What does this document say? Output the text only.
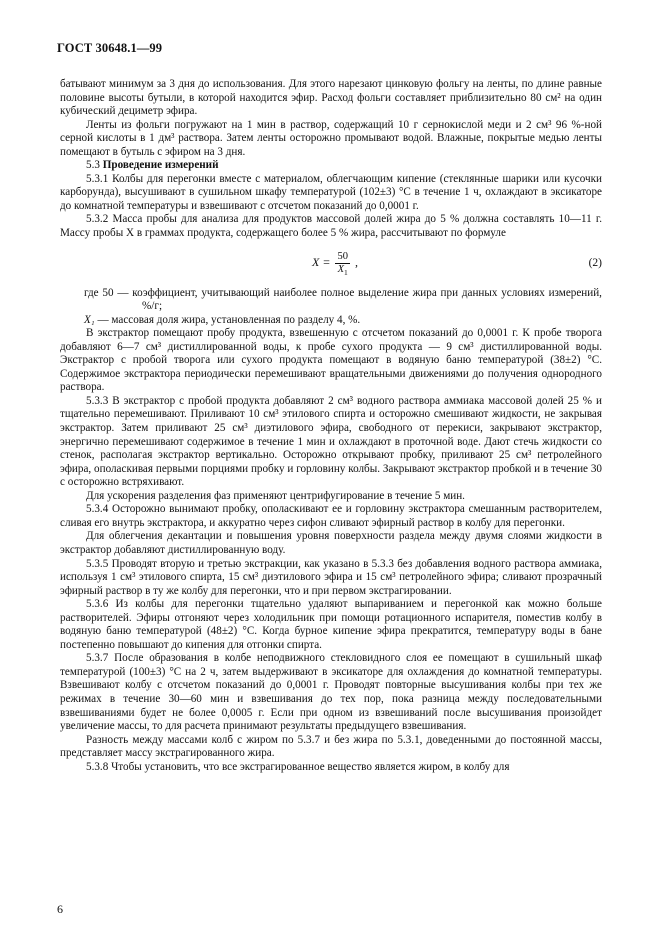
ГОСТ 30648.1—99

батывают минимум за 3 дня до использования. Для этого нарезают цинковую фольгу на ленты, по длине равные половине высоты бутыли, в которой находится эфир. Расход фольги составляет приблизительно 80 см² на один кубический дециметр эфира.

Ленты из фольги погружают на 1 мин в раствор, содержащий 10 г сернокислой меди и 2 см³ 96 %-ной серной кислоты в 1 дм³ раствора. Затем ленты осторожно промывают водой. Влажные, покрытые медью ленты помещают в бутыль с эфиром на 3 дня.

5.3 Проведение измерений

5.3.1 Колбы для перегонки вместе с материалом, облегчающим кипение (стеклянные шарики или кусочки карборунда), высушивают в сушильном шкафу температурой (102±3) °С в течение 1 ч, охлаждают в эксикаторе до комнатной температуры и взвешивают с отсчетом показаний до 0,0001 г.

5.3.2 Масса пробы для анализа для продуктов массовой долей жира до 5 % должна составлять 10—11 г. Массу пробы X в граммах продукта, содержащего более 5 % жира, рассчитывают по формуле

$X = \frac{50}{X_1}$ ,	(2)

где 50 — коэффициент, учитывающий наиболее полное выделение жира при данных условиях измерений, %/г;

X₁ — массовая доля жира, установленная по разделу 4, %.

В экстрактор помещают пробу продукта, взвешенную с отсчетом показаний до 0,0001 г. К пробе творога добавляют 6—7 см³ дистиллированной воды, к пробе сухого продукта — 9 см³ дистиллированной воды. Экстрактор с пробой творога или сухого продукта помещают в водяную баню температурой (38±2) °С. Содержимое экстрактора периодически перемешивают вращательными движениями до получения однородного раствора.

5.3.3 В экстрактор с пробой продукта добавляют 2 см³ водного раствора аммиака массовой долей 25 % и тщательно перемешивают. Приливают 10 см³ этилового спирта и осторожно смешивают жидкости, не закрывая экстрактор. Затем приливают 25 см³ диэтилового эфира, свободного от перекиси, закрывают экстрактор, энергично перемешивают содержимое в течение 1 мин и охлаждают в проточной воде. Дают стечь жидкости со стенок, располагая экстрактор вертикально. Осторожно открывают пробку, приливают 25 см³ петролейного эфира, ополаскивая первыми порциями пробку и горловину колбы. Закрывают экстрактор пробкой и в течение 30 с осторожно встряхивают.

Для ускорения разделения фаз применяют центрифугирование в течение 5 мин.

5.3.4 Осторожно вынимают пробку, ополаскивают ее и горловину экстрактора смешанным растворителем, сливая его внутрь экстрактора, и аккуратно через сифон сливают эфирный раствор в колбу для перегонки.

Для облегчения декантации и повышения уровня поверхности раздела между двумя слоями жидкости в экстрактор добавляют дистиллированную воду.

5.3.5 Проводят вторую и третью экстракции, как указано в 5.3.3 без добавления водного раствора аммиака, используя 1 см³ этилового спирта, 15 см³ диэтилового эфира и 15 см³ петролейного эфира; сливают прозрачный эфирный раствор в ту же колбу для перегонки, что и при первом экстрагировании.

5.3.6 Из колбы для перегонки тщательно удаляют выпариванием и перегонкой как можно больше растворителей. Эфиры отгоняют через холодильник при помощи ротационного испарителя, поместив колбу в водяную баню температурой (48±2) °С. Когда бурное кипение эфира прекратится, температуру воды в бане постепенно повышают до кипения для отгонки спирта.

5.3.7 После образования в колбе неподвижного стекловидного слоя ее помещают в сушильный шкаф температурой (100±3) °С на 2 ч, затем выдерживают в эксикаторе для охлаждения до комнатной температуры. Взвешивают колбу с отсчетом показаний до 0,0001 г. Проводят повторные высушивания колбы при тех же режимах в течение 30—60 мин и взвешивания до тех пор, пока разница между последовательными взвешиваниями будет не более 0,0005 г. Если при одном из взвешиваний после высушивания произойдет увеличение массы, то для расчета принимают результаты предыдущего взвешивания.

Разность между массами колб с жиром по 5.3.7 и без жира по 5.3.1, доведенными до постоянной массы, представляет массу экстрагированного жира.

5.3.8 Чтобы установить, что все экстрагированное вещество является жиром, в колбу для

6
